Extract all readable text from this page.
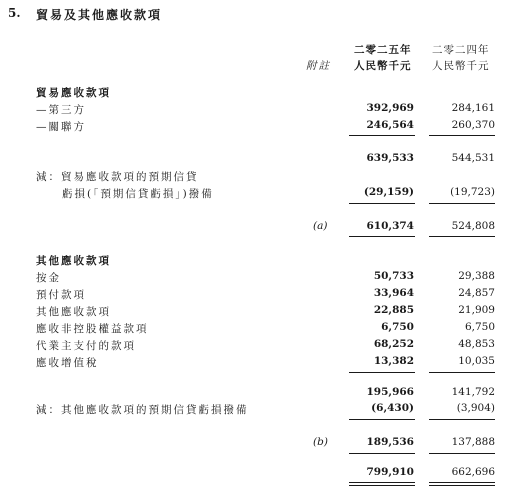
5. 貿易及其他應收款項
二零二五年 二零二四年
附註 人民幣千元 人民幣千元
貿易應收款項
—第三方	392,969	284,161
—關聯方	246,564	260,370
639,533	544,531
減：貿易應收款項的預期信貸
虧損(「預期信貸虧損」)撥備	(29,159)	(19,723)
(a)	610,374	524,808
其他應收款項
按金	50,733	29,388
預付款項	33,964	24,857
其他應收款項	22,885	21,909
應收非控股權益款項	6,750	6,750
代業主支付的款項	68,252	48,853
應收增值稅	13,382	10,035
195,966	141,792
減：其他應收款項的預期信貸虧損撥備	(6,430)	(3,904)
(b)	189,536	137,888
799,910	662,696
